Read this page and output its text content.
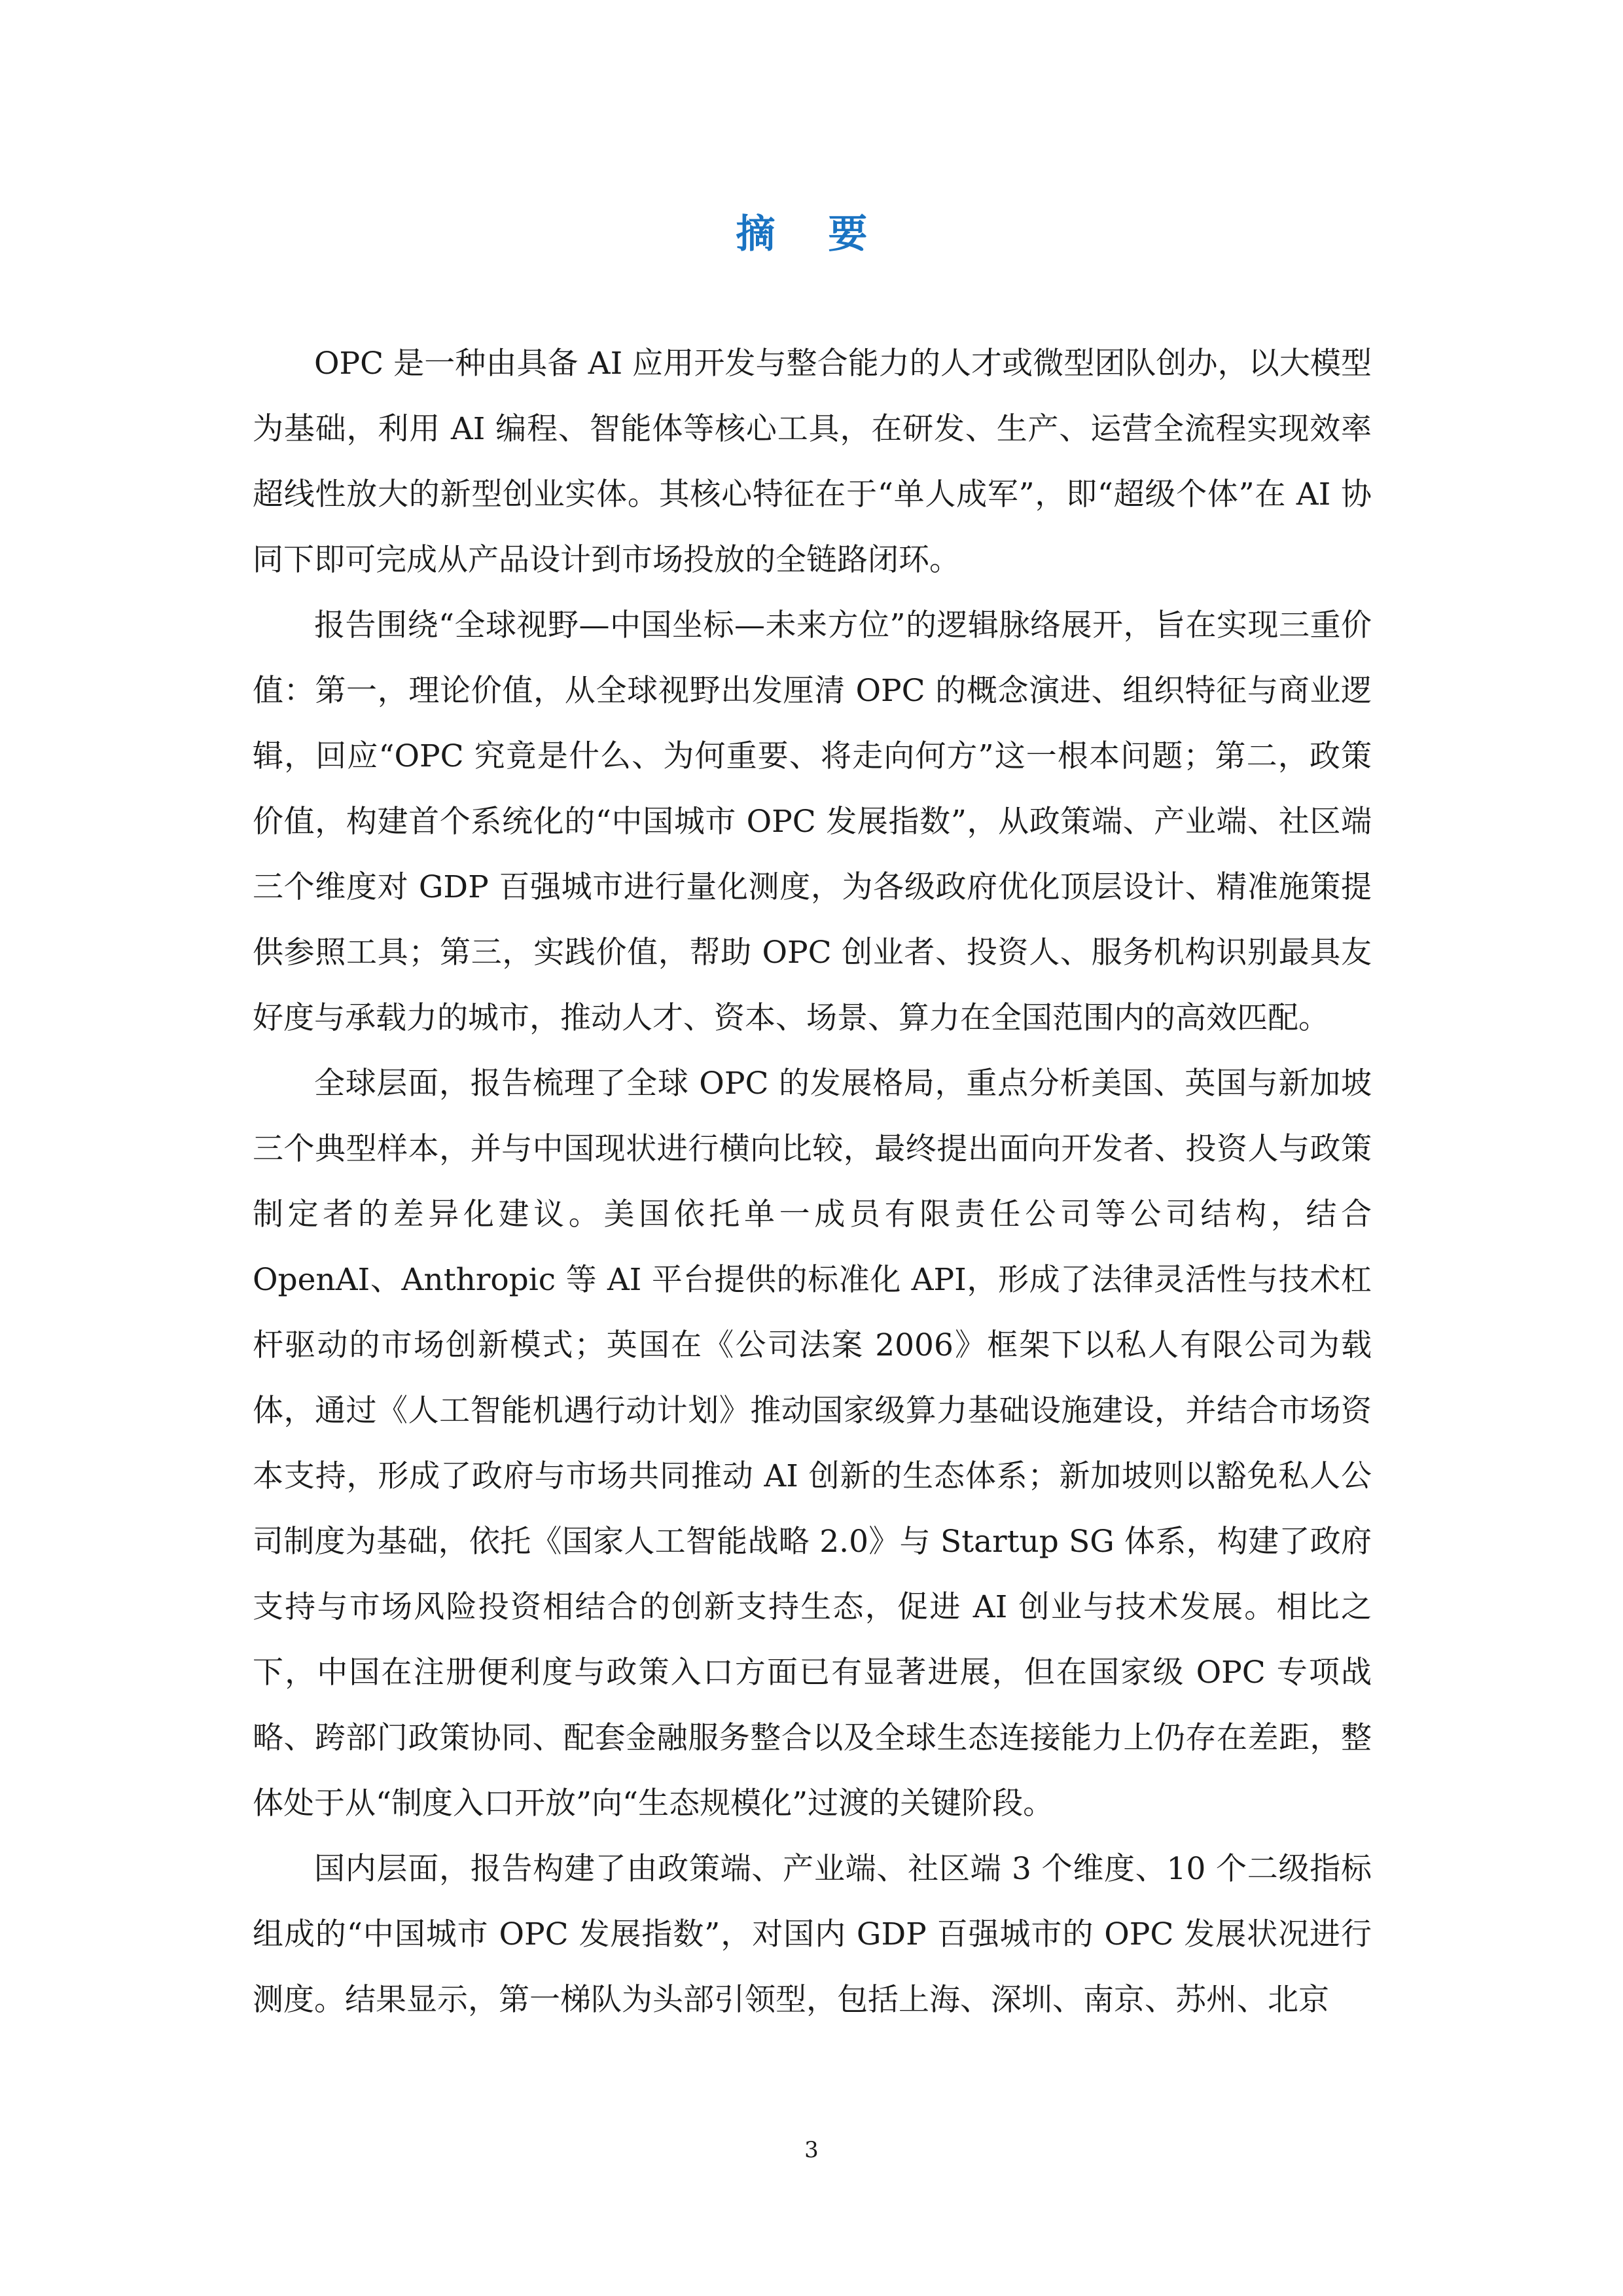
摘 要

OPC 是一种由具备 AI 应用开发与整合能力的人才或微型团队创办，以大模型为基础，利用 AI 编程、智能体等核心工具，在研发、生产、运营全流程实现效率超线性放大的新型创业实体。其核心特征在于“单人成军”，即“超级个体”在 AI 协同下即可完成从产品设计到市场投放的全链路闭环。

报告围绕“全球视野—中国坐标—未来方位”的逻辑脉络展开，旨在实现三重价值：第一，理论价值，从全球视野出发厘清 OPC 的概念演进、组织特征与商业逻辑，回应“OPC 究竟是什么、为何重要、将走向何方”这一根本问题；第二，政策价值，构建首个系统化的“中国城市 OPC 发展指数”，从政策端、产业端、社区端三个维度对 GDP 百强城市进行量化测度，为各级政府优化顶层设计、精准施策提供参照工具；第三，实践价值，帮助 OPC 创业者、投资人、服务机构识别最具友好度与承载力的城市，推动人才、资本、场景、算力在全国范围内的高效匹配。

全球层面，报告梳理了全球 OPC 的发展格局，重点分析美国、英国与新加坡三个典型样本，并与中国现状进行横向比较，最终提出面向开发者、投资人与政策制定者的差异化建议。美国依托单一成员有限责任公司等公司结构，结合 OpenAI、Anthropic 等 AI 平台提供的标准化 API，形成了法律灵活性与技术杠杆驱动的市场创新模式；英国在《公司法案 2006》框架下以私人有限公司为载体，通过《人工智能机遇行动计划》推动国家级算力基础设施建设，并结合市场资本支持，形成了政府与市场共同推动 AI 创新的生态体系；新加坡则以豁免私人公司制度为基础，依托《国家人工智能战略 2.0》与 Startup SG 体系，构建了政府支持与市场风险投资相结合的创新支持生态，促进 AI 创业与技术发展。相比之下，中国在注册便利度与政策入口方面已有显著进展，但在国家级 OPC 专项战略、跨部门政策协同、配套金融服务整合以及全球生态连接能力上仍存在差距，整体处于从“制度入口开放”向“生态规模化”过渡的关键阶段。

国内层面，报告构建了由政策端、产业端、社区端 3 个维度、10 个二级指标组成的“中国城市 OPC 发展指数”，对国内 GDP 百强城市的 OPC 发展状况进行测度。结果显示，第一梯队为头部引领型，包括上海、深圳、南京、苏州、北京

3
